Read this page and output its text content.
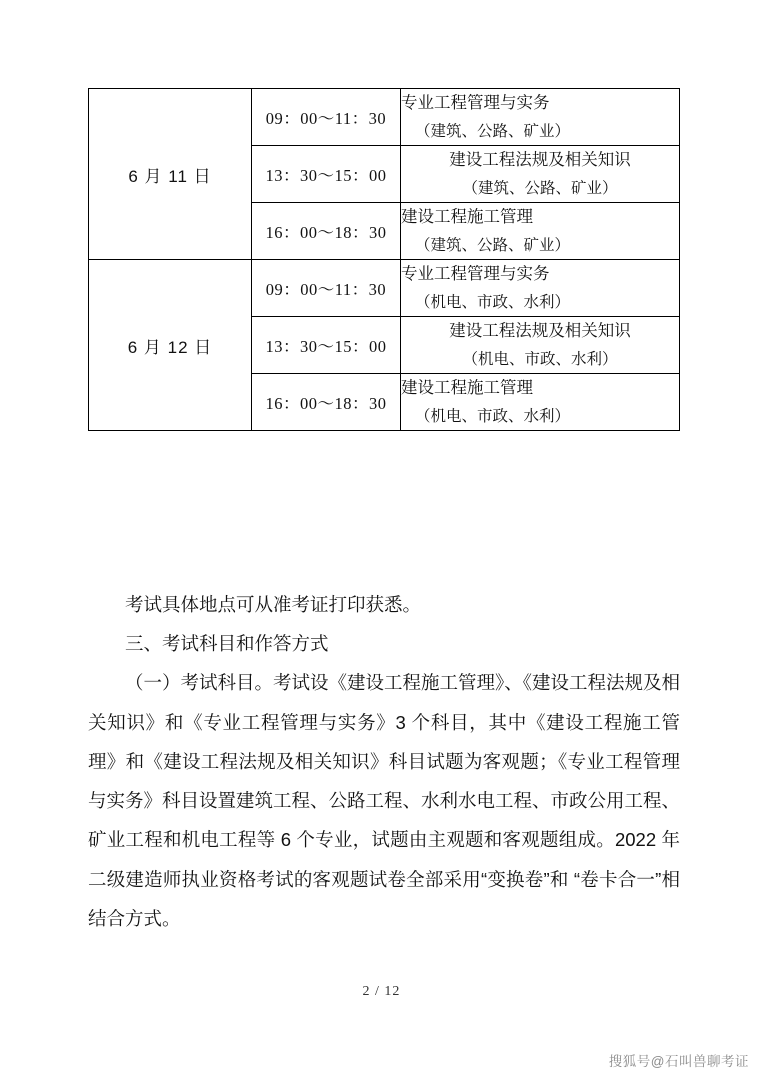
6 月 11 日	09：00～11：30	专业工程管理与实务
（建筑、公路、矿业）

	13：30～15：00	建设工程法规及相关知识
（建筑、公路、矿业）

	16：00～18：30	建设工程施工管理
（建筑、公路、矿业）

6 月 12 日	09：00～11：30	专业工程管理与实务
（机电、市政、水利）

	13：30～15：00	建设工程法规及相关知识
（机电、市政、水利）

	16：00～18：30	建设工程施工管理
（机电、市政、水利）

考试具体地点可从准考证打印获悉。

三、考试科目和作答方式

（一）考试科目。考试设《建设工程施工管理》、《建设工程法规及相关知识》和《专业工程管理与实务》3 个科目，其中《建设工程施工管理》和《建设工程法规及相关知识》科目试题为客观题；《专业工程管理与实务》科目设置建筑工程、公路工程、水利水电工程、市政公用工程、矿业工程和机电工程等 6 个专业，试题由主观题和客观题组成。2022 年二级建造师执业资格考试的客观题试卷全部采用“变换卷”和 “卷卡合一”相结合方式。

2 / 12
搜狐号@石叫兽聊考证
